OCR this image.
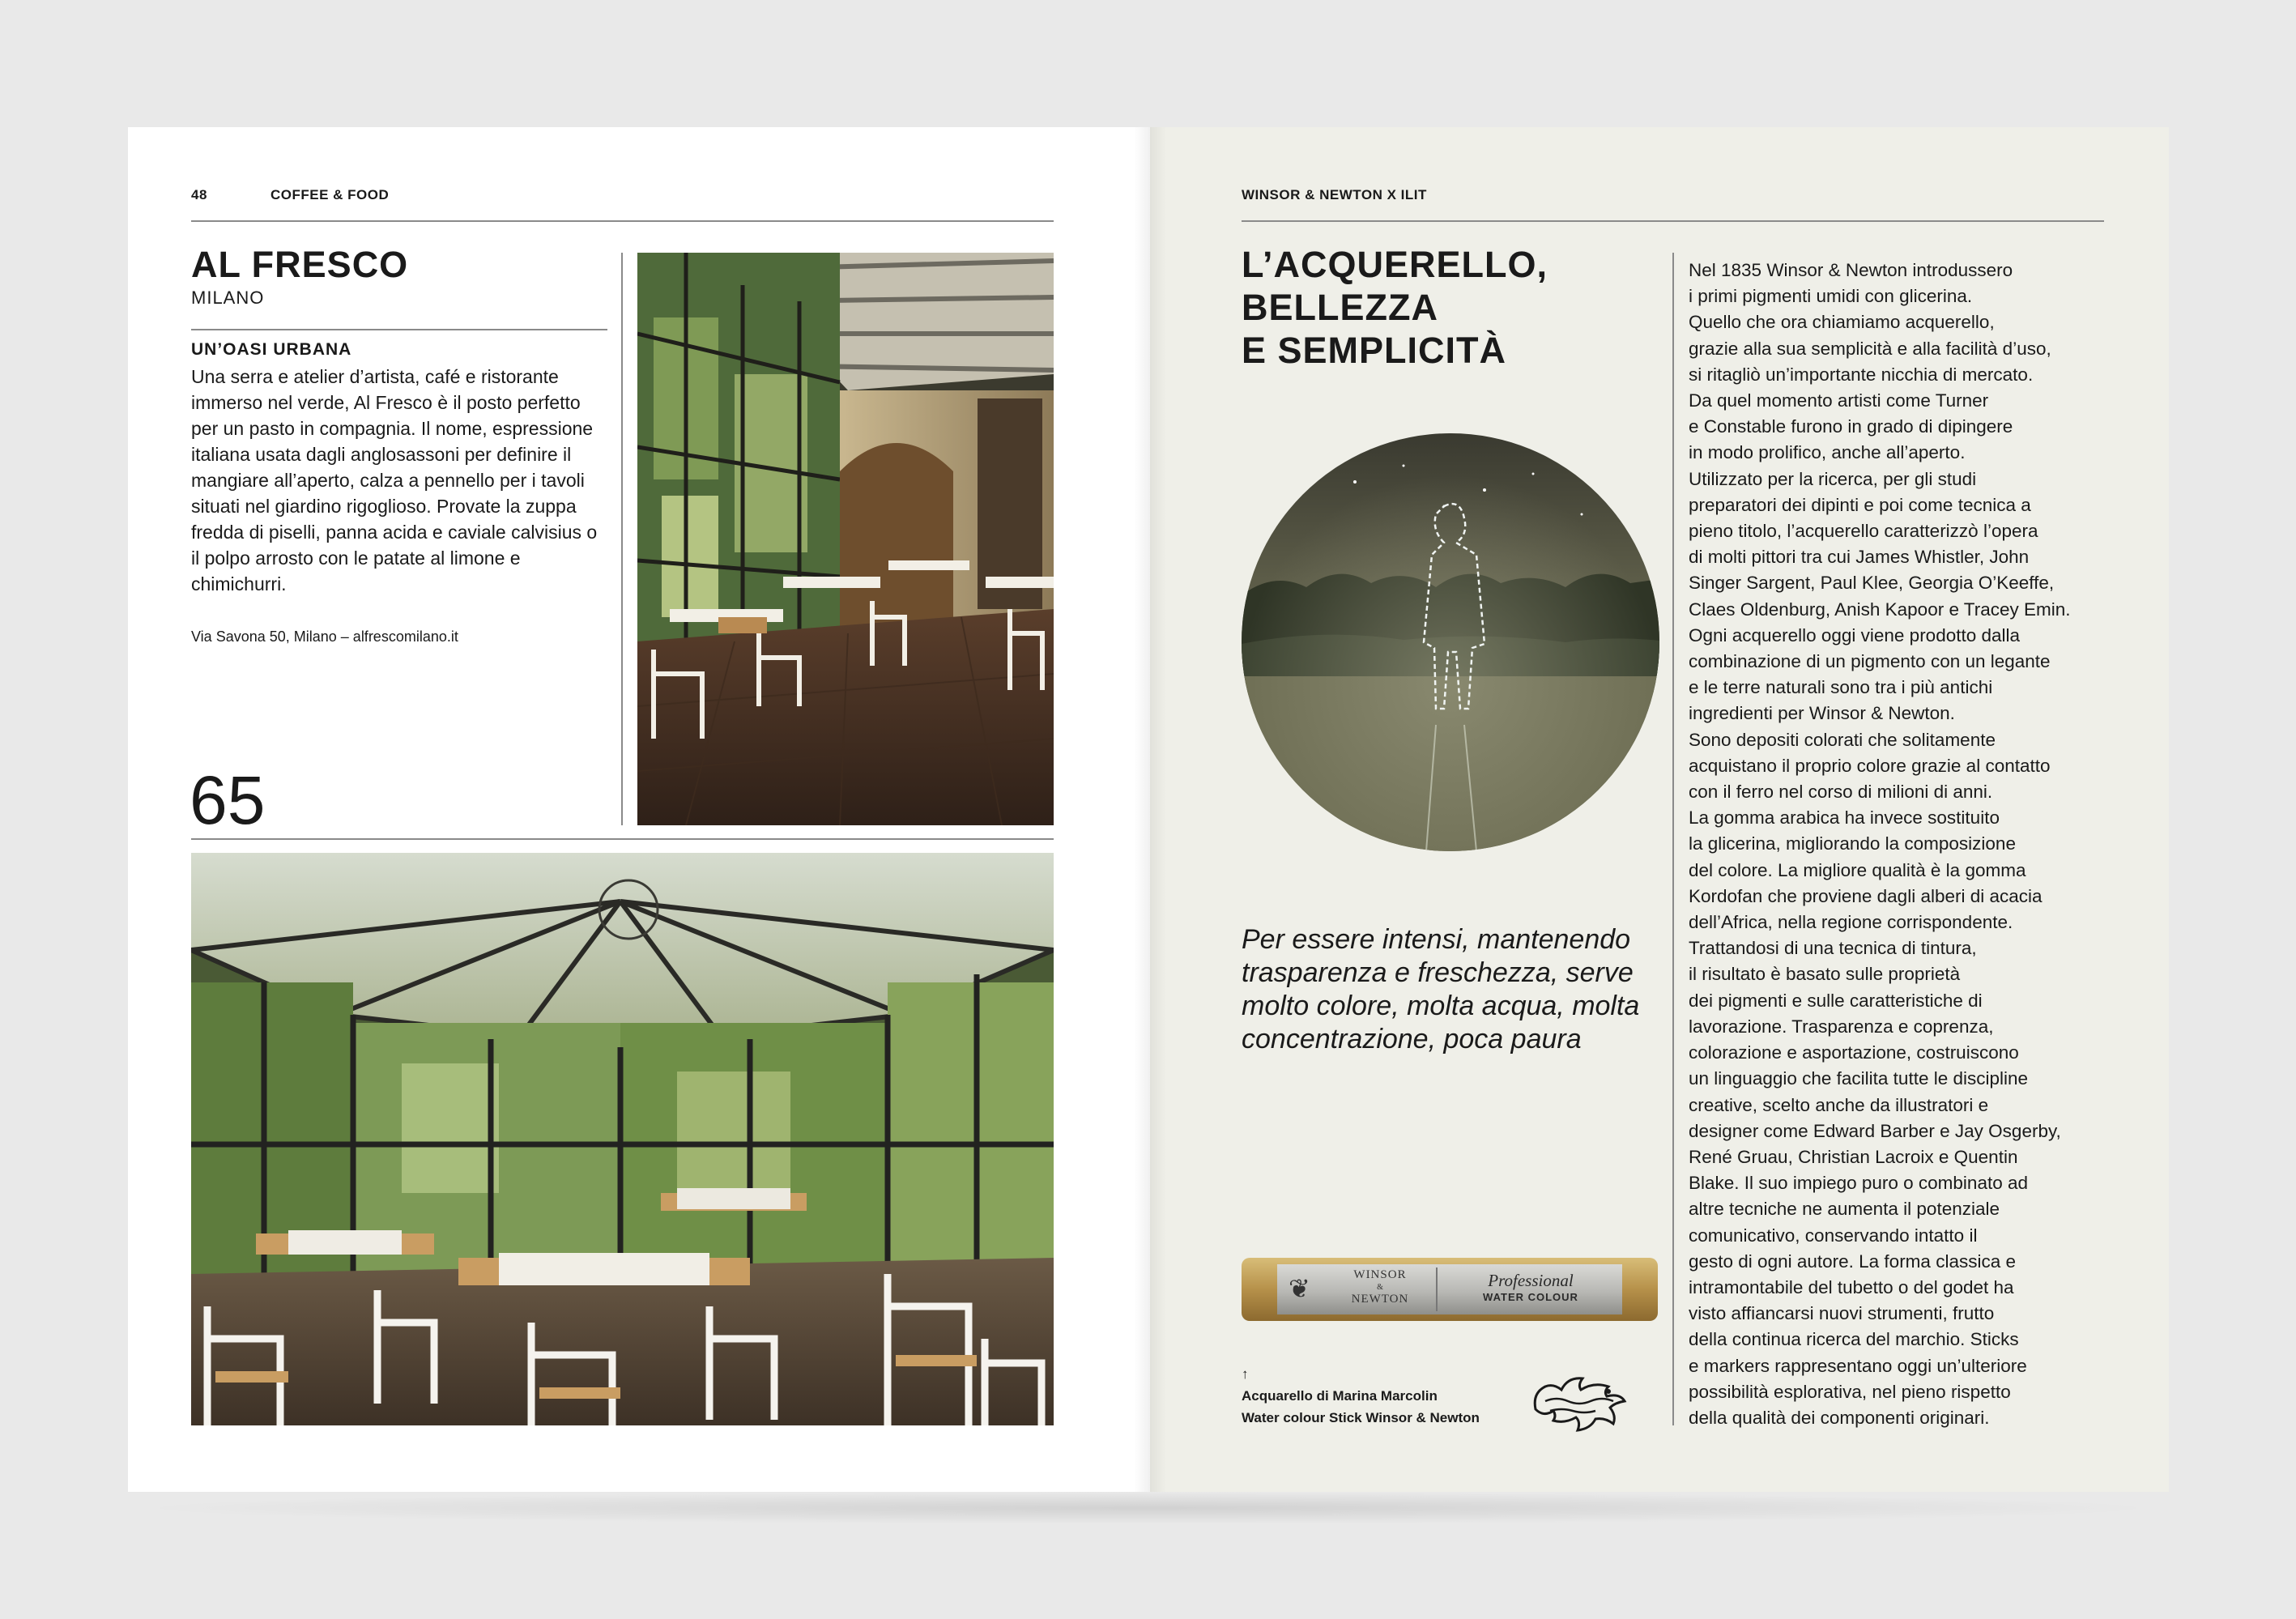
48	COFFEE & FOOD
AL FRESCO
MILANO
UN’OASI URBANA

Una serra e atelier d’artista, café e ristorante immerso nel verde, Al Fresco è il posto perfetto per un pasto in compagnia. Il nome, espressione italiana usata dagli anglosassoni per definire il mangiare all’aperto, calza a pennello per i tavoli situati nel giardino rigoglioso. Provate la zuppa fredda di piselli, panna acida e caviale calvisius o il polpo arrosto con le patate al limone e chimichurri.

Via Savona 50, Milano – alfrescomilano.it
65
WINSOR & NEWTON X ILIT
L’ACQUERELLO,
BELLEZZA
E SEMPLICITÀ

Per essere intensi, mantenendo trasparenza e freschezza, serve molto colore, molta acqua, molta concentrazione, poca paura

❦	WINSOR
&
NEWTON
Professional
WATER COLOUR
↑
Acquarello di Marina Marcolin
Water colour Stick Winsor & Newton

Nel 1835 Winsor & Newton introdussero
i primi pigmenti umidi con glicerina.
Quello che ora chiamiamo acquerello,
grazie alla sua semplicità e alla facilità d’uso,
si ritagliò un’importante nicchia di mercato.
Da quel momento artisti come Turner
e Constable furono in grado di dipingere
in modo prolifico, anche all’aperto.
Utilizzato per la ricerca, per gli studi
preparatori dei dipinti e poi come tecnica a
pieno titolo, l’acquerello caratterizzò l’opera
di molti pittori tra cui James Whistler, John
Singer Sargent, Paul Klee, Georgia O’Keeffe,
Claes Oldenburg, Anish Kapoor e Tracey Emin.
Ogni acquerello oggi viene prodotto dalla
combinazione di un pigmento con un legante
e le terre naturali sono tra i più antichi
ingredienti per Winsor & Newton.
Sono depositi colorati che solitamente
acquistano il proprio colore grazie al contatto
con il ferro nel corso di milioni di anni.
La gomma arabica ha invece sostituito
la glicerina, migliorando la composizione
del colore. La migliore qualità è la gomma
Kordofan che proviene dagli alberi di acacia
dell’Africa, nella regione corrispondente.
Trattandosi di una tecnica di tintura,
il risultato è basato sulle proprietà
dei pigmenti e sulle caratteristiche di
lavorazione. Trasparenza e coprenza,
colorazione e asportazione, costruiscono
un linguaggio che facilita tutte le discipline
creative, scelto anche da illustratori e
designer come Edward Barber e Jay Osgerby,
René Gruau, Christian Lacroix e Quentin
Blake. Il suo impiego puro o combinato ad
altre tecniche ne aumenta il potenziale
comunicativo, conservando intatto il
gesto di ogni autore. La forma classica e
intramontabile del tubetto o del godet ha
visto affiancarsi nuovi strumenti, frutto
della continua ricerca del marchio. Sticks
e markers rappresentano oggi un’ulteriore
possibilità esplorativa, nel pieno rispetto
della qualità dei componenti originari.
